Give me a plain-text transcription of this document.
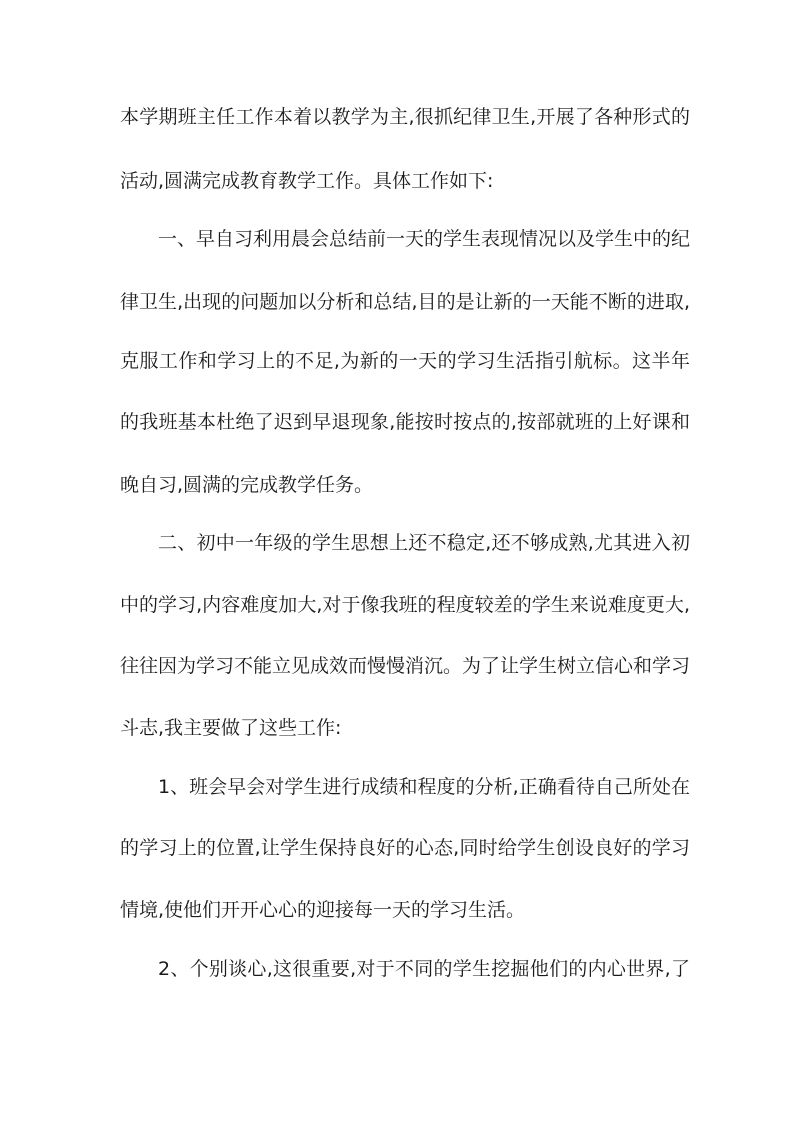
本学期班主任工作本着以教学为主,很抓纪律卫生,开展了各种形式的
活动,圆满完成教育教学工作。具体工作如下:
一、早自习利用晨会总结前一天的学生表现情况以及学生中的纪
律卫生,出现的问题加以分析和总结,目的是让新的一天能不断的进取,
克服工作和学习上的不足,为新的一天的学习生活指引航标。这半年
的我班基本杜绝了迟到早退现象,能按时按点的,按部就班的上好课和
晚自习,圆满的完成教学任务。
二、初中一年级的学生思想上还不稳定,还不够成熟,尤其进入初
中的学习,内容难度加大,对于像我班的程度较差的学生来说难度更大,
往往因为学习不能立见成效而慢慢消沉。为了让学生树立信心和学习
斗志,我主要做了这些工作:
1、班会早会对学生进行成绩和程度的分析,正确看待自己所处在
的学习上的位置,让学生保持良好的心态,同时给学生创设良好的学习
情境,使他们开开心心的迎接每一天的学习生活。
2、个别谈心,这很重要,对于不同的学生挖掘他们的内心世界,了
